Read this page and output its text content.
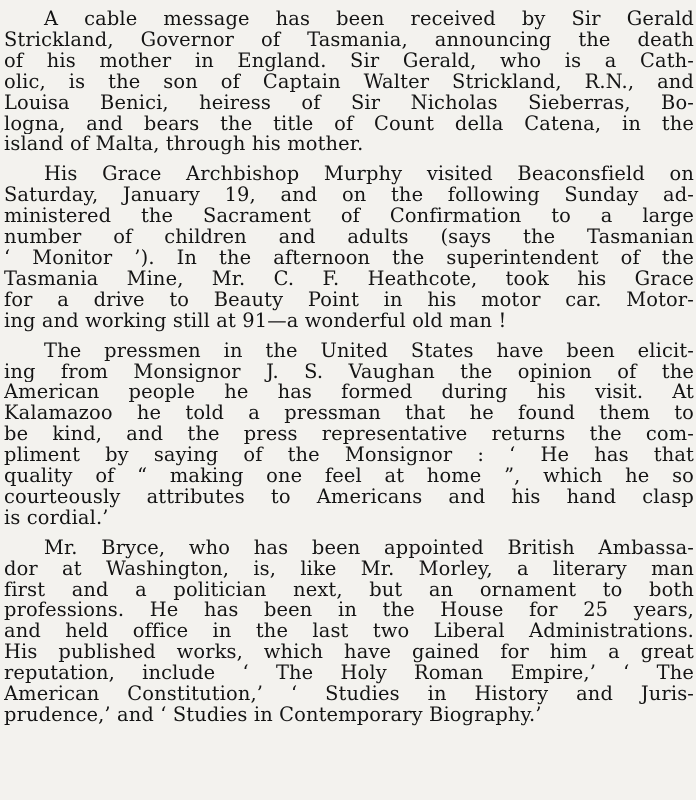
A cable message has been received by Sir Gerald
Strickland, Governor of Tasmania, announcing the death
of his mother in England. Sir Gerald, who is a Cath-
olic, is the son of Captain Walter Strickland, R.N., and
Louisa Benici, heiress of Sir Nicholas Sieberras, Bo-
logna, and bears the title of Count della Catena, in the
island of Malta, through his mother.
His Grace Archbishop Murphy visited Beaconsfield on
Saturday, January 19, and on the following Sunday ad-
ministered the Sacrament of Confirmation to a large
number of children and adults (says the Tasmanian
‘ Monitor ’). In the afternoon the superintendent of the
Tasmania Mine, Mr. C. F. Heathcote, took his Grace
for a drive to Beauty Point in his motor car. Motor-
ing and working still at 91—a wonderful old man !
The pressmen in the United States have been elicit-
ing from Monsignor J. S. Vaughan the opinion of the
American people he has formed during his visit. At
Kalamazoo he told a pressman that he found them to
be kind, and the press representative returns the com-
pliment by saying of the Monsignor : ‘ He has that
quality of “ making one feel at home ”, which he so
courteously attributes to Americans and his hand clasp
is cordial.’
Mr. Bryce, who has been appointed British Ambassa-
dor at Washington, is, like Mr. Morley, a literary man
first and a politician next, but an ornament to both
professions. He has been in the House for 25 years,
and held office in the last two Liberal Administrations.
His published works, which have gained for him a great
reputation, include ‘ The Holy Roman Empire,’ ‘ The
American Constitution,’ ‘ Studies in History and Juris-
prudence,’ and ‘ Studies in Contemporary Biography.’
